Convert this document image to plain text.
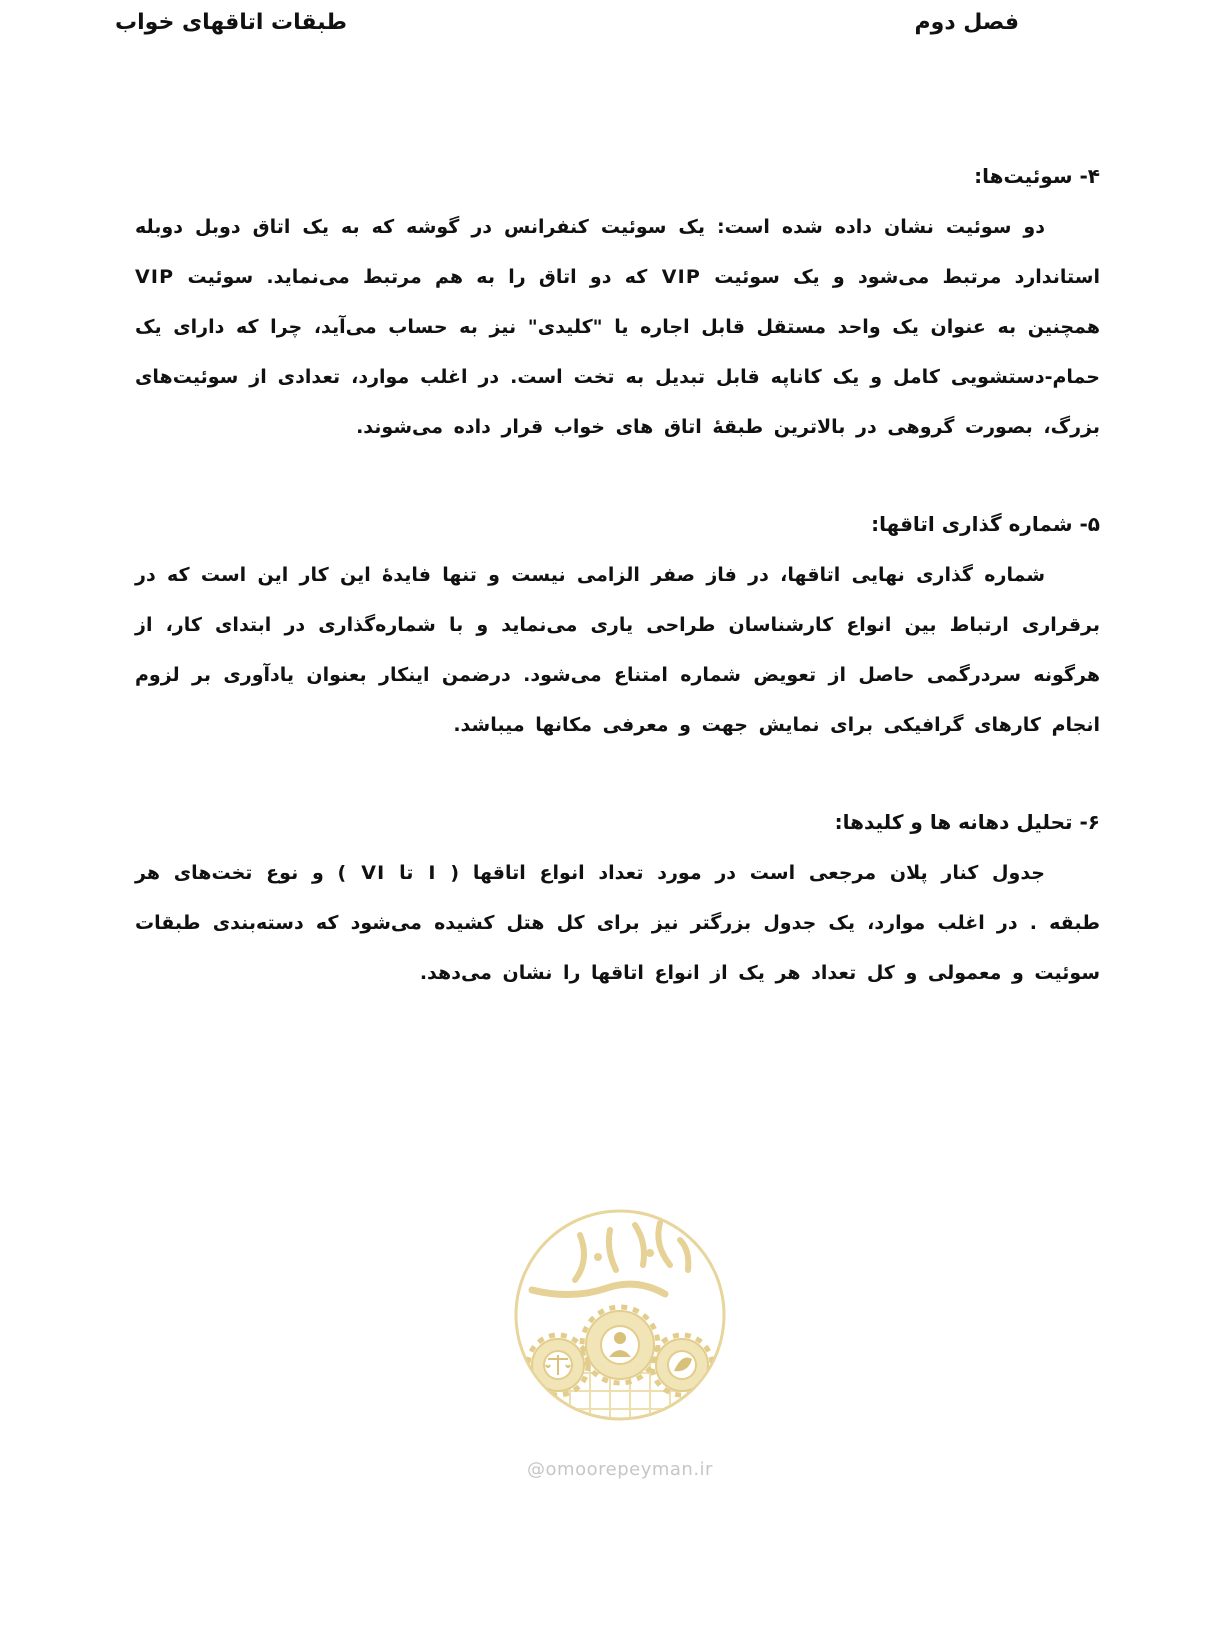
فصل دوم
طبقات اتاقهای خواب
۴- سوئیت‌ها:

دو سوئیت نشان داده شده است: یک سوئیت کنفرانس در گوشه که به یک اتاق دوبل دوبله استاندارد مرتبط می‌شود و یک سوئیت VIP که دو اتاق را به هم مرتبط می‌نماید. سوئیت VIP همچنین به عنوان یک واحد مستقل قابل اجاره یا "کلیدی" نیز به حساب می‌آید، چرا که دارای یک حمام-دستشویی کامل و یک کاناپه قابل تبدیل به تخت است. در اغلب موارد، تعدادی از سوئیت‌های بزرگ، بصورت گروهی در بالاترین طبقهٔ اتاق های خواب قرار داده می‌شوند.

۵- شماره گذاری اتاقها:

شماره گذاری نهایی اتاقها، در فاز صفر الزامی نیست و تنها فایدهٔ این کار این است که در برقراری ارتباط بین انواع کارشناسان طراحی یاری می‌نماید و با شماره‌گذاری در ابتدای کار، از هرگونه سردرگمی حاصل از تعویض شماره امتناع می‌شود. درضمن اینکار بعنوان یادآوری بر لزوم انجام کارهای گرافیکی برای نمایش جهت و معرفی مکانها میباشد.

۶- تحلیل دهانه ها و کلیدها:

جدول کنار پلان مرجعی است در مورد تعداد انواع اتاقها ( I تا VI ) و نوع تخت‌های هر طبقه . در اغلب موارد، یک جدول بزرگتر نیز برای کل هتل کشیده می‌شود که دسته‌بندی طبقات سوئیت و معمولی و کل تعداد هر یک از انواع اتاقها را نشان می‌دهد.

@omoorepeyman.ir
